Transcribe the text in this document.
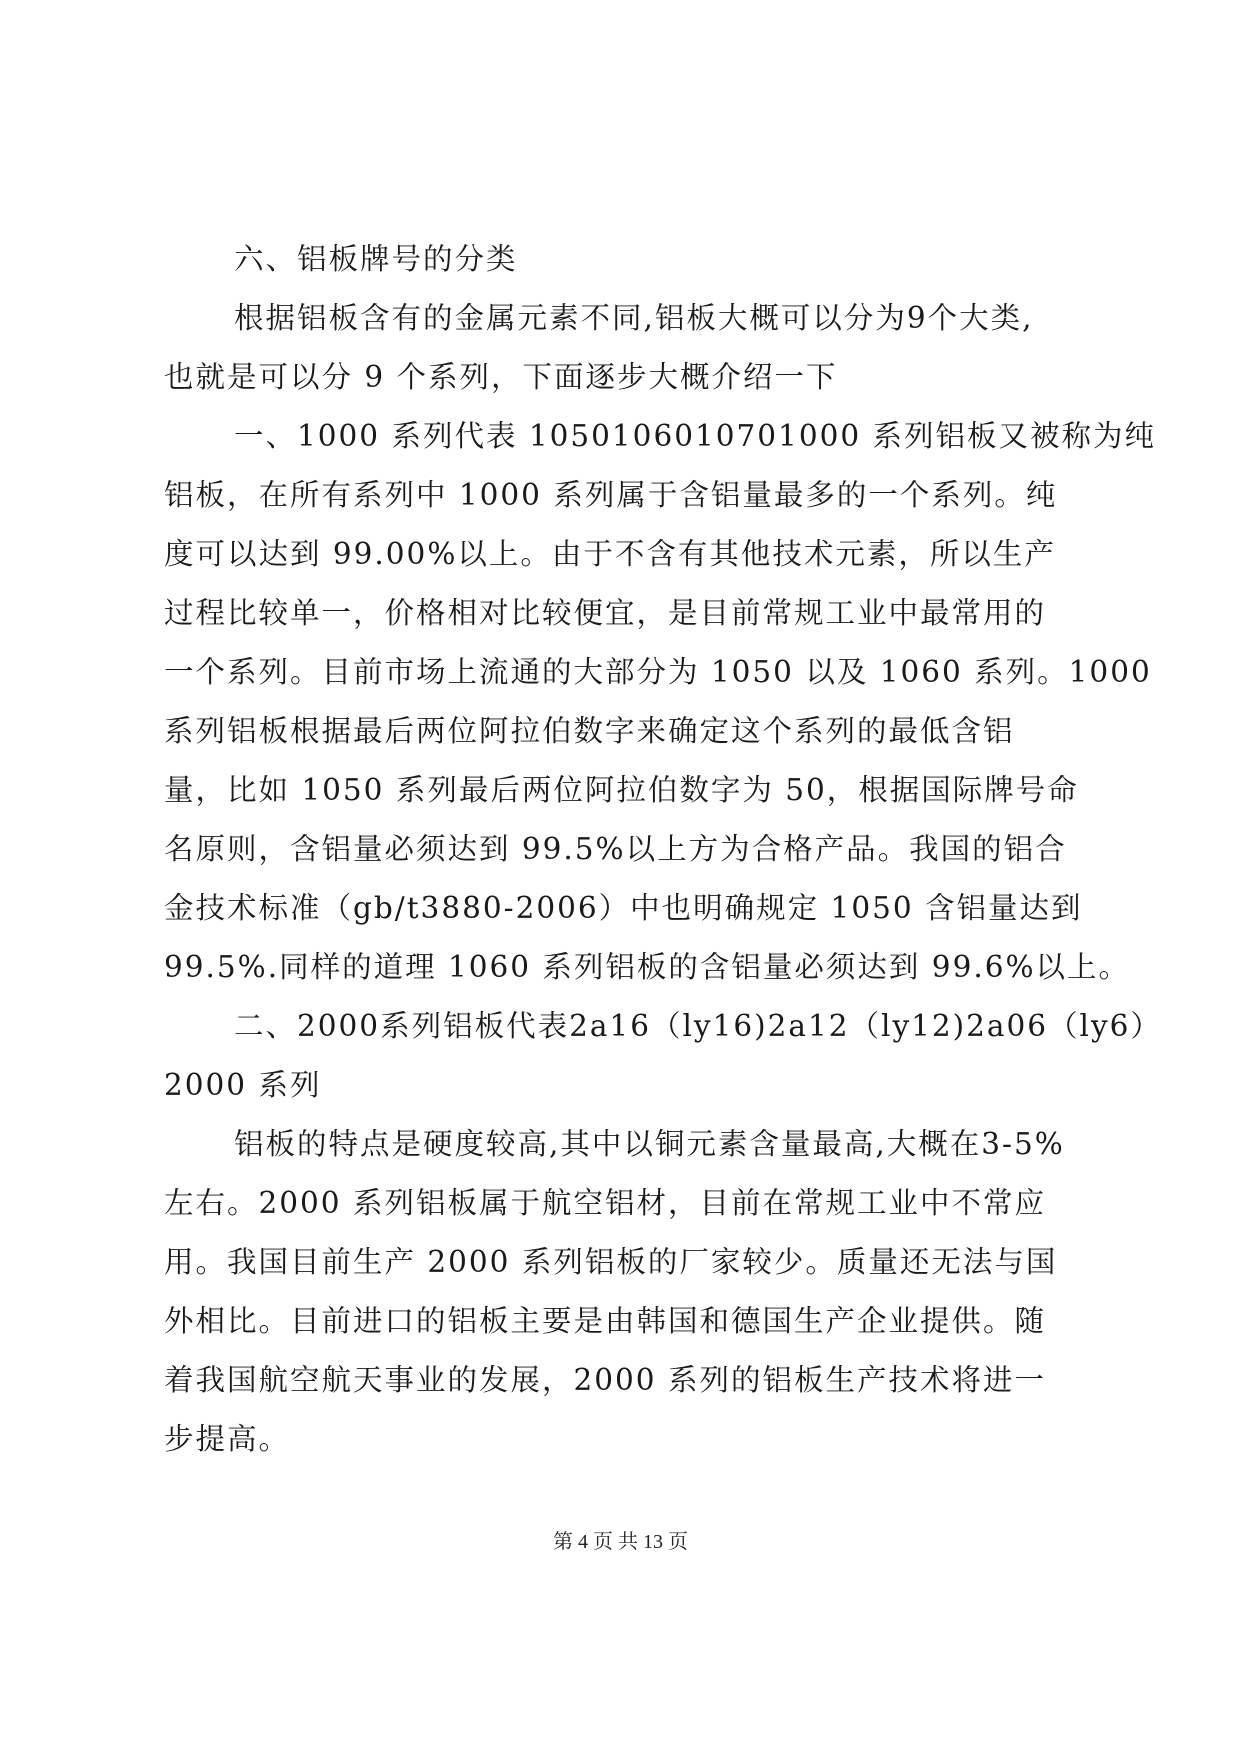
六、铝板牌号的分类
根据铝板含有的金属元素不同,铝板大概可以分为9个大类,
也就是可以分 9 个系列，下面逐步大概介绍一下
一、1000 系列代表 1050106010701000 系列铝板又被称为纯
铝板，在所有系列中 1000 系列属于含铝量最多的一个系列。纯
度可以达到 99.00%以上。由于不含有其他技术元素，所以生产
过程比较单一，价格相对比较便宜，是目前常规工业中最常用的
一个系列。目前市场上流通的大部分为 1050 以及 1060 系列。1000
系列铝板根据最后两位阿拉伯数字来确定这个系列的最低含铝
量，比如 1050 系列最后两位阿拉伯数字为 50，根据国际牌号命
名原则，含铝量必须达到 99.5%以上方为合格产品。我国的铝合
金技术标准（gb/t3880-2006）中也明确规定 1050 含铝量达到
99.5%.同样的道理 1060 系列铝板的含铝量必须达到 99.6%以上。
二、2000系列铝板代表2a16（ly16)2a12（ly12)2a06（ly6）
2000 系列
铝板的特点是硬度较高,其中以铜元素含量最高,大概在3-5%
左右。2000 系列铝板属于航空铝材，目前在常规工业中不常应
用。我国目前生产 2000 系列铝板的厂家较少。质量还无法与国
外相比。目前进口的铝板主要是由韩国和德国生产企业提供。随
着我国航空航天事业的发展，2000 系列的铝板生产技术将进一
步提高。
第 4 页 共 13 页
